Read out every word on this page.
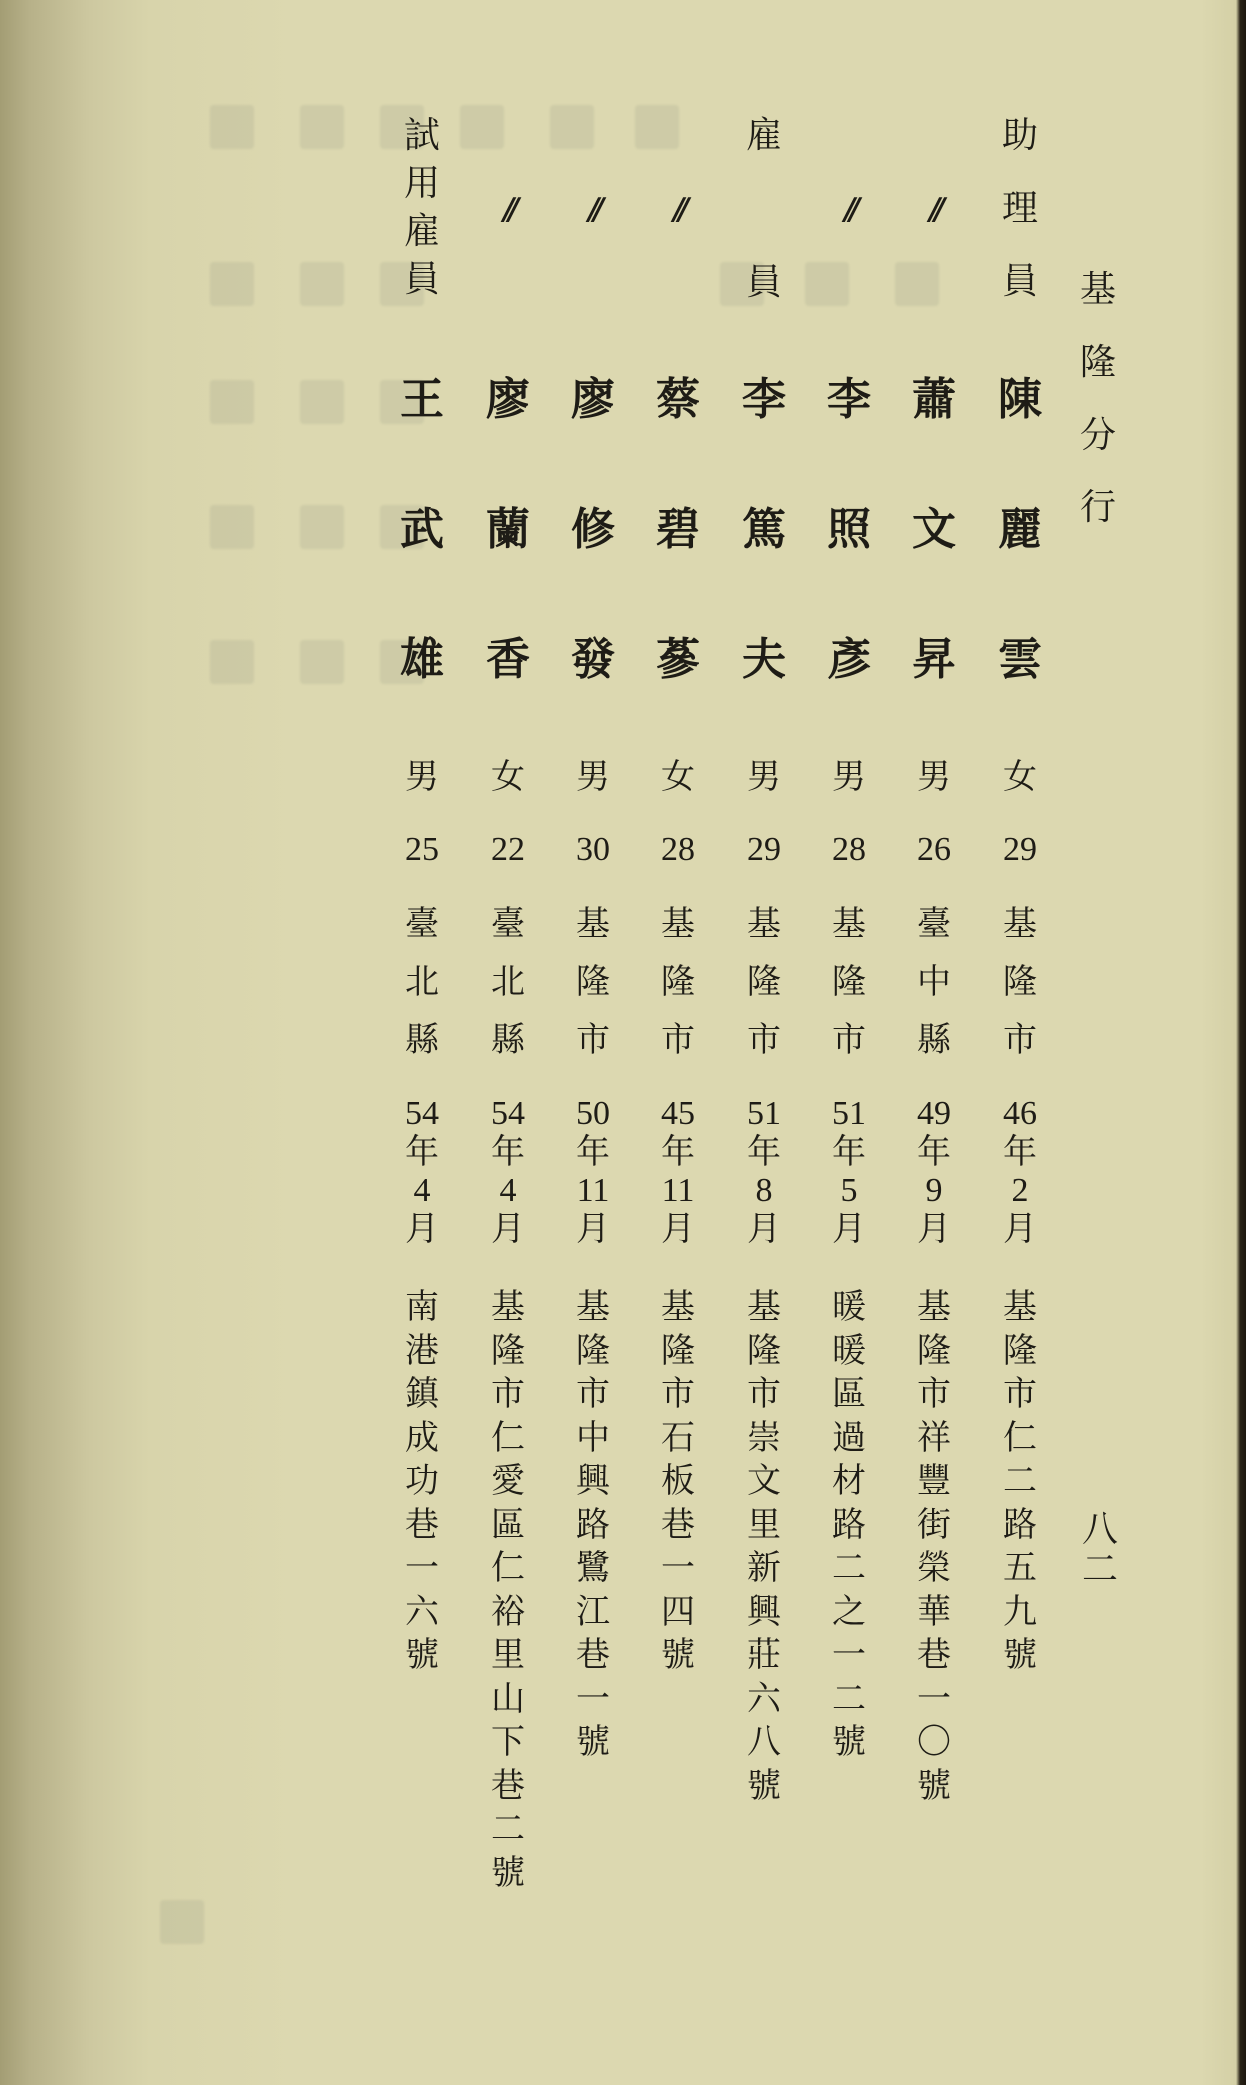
基
隆
分
行
八
二
助
理
員
陳
麗
雲
女
29
基
隆
市
46
年
2
月
基
隆
市
仁
二
路
五
九
號
//
蕭
文
昇
男
26
臺
中
縣
49
年
9
月
基
隆
市
祥
豐
街
榮
華
巷
一
〇
號
//
李
照
彥
男
28
基
隆
市
51
年
5
月
暖
暖
區
過
材
路
二
之
一
二
號
雇
員
李
篤
夫
男
29
基
隆
市
51
年
8
月
基
隆
市
崇
文
里
新
興
莊
六
八
號
//
蔡
碧
蔘
女
28
基
隆
市
45
年
11
月
基
隆
市
石
板
巷
一
四
號
//
廖
修
發
男
30
基
隆
市
50
年
11
月
基
隆
市
中
興
路
鷺
江
巷
一
號
//
廖
蘭
香
女
22
臺
北
縣
54
年
4
月
基
隆
市
仁
愛
區
仁
裕
里
山
下
巷
二
號
試
用
雇
員
王
武
雄
男
25
臺
北
縣
54
年
4
月
南
港
鎮
成
功
巷
一
六
號
